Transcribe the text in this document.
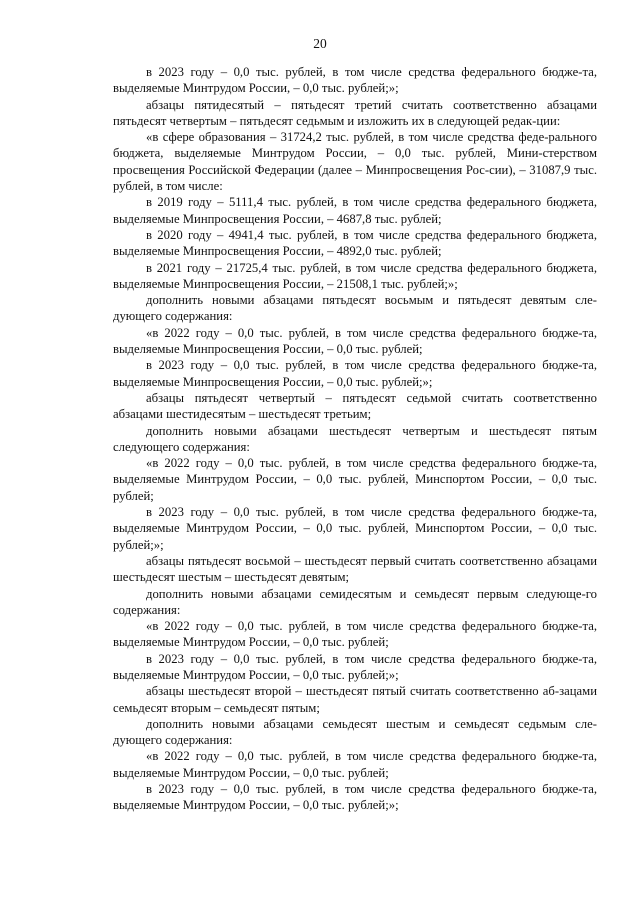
20

в 2023 году – 0,0 тыс. рублей, в том числе средства федерального бюдже-та, выделяемые Минтрудом России, – 0,0 тыс. рублей;»;

абзацы пятидесятый – пятьдесят третий считать соответственно абзацами пятьдесят четвертым – пятьдесят седьмым и изложить их в следующей редак-ции:

«в сфере образования – 31724,2 тыс. рублей, в том числе средства феде-рального бюджета, выделяемые Минтрудом России, – 0,0 тыс. рублей, Мини-стерством просвещения Российской Федерации (далее – Минпросвещения Рос-сии), – 31087,9 тыс. рублей, в том числе:

в 2019 году – 5111,4 тыс. рублей, в том числе средства федерального бюджета, выделяемые Минпросвещения России, – 4687,8 тыс. рублей;

в 2020 году – 4941,4 тыс. рублей, в том числе средства федерального бюджета, выделяемые Минпросвещения России, – 4892,0 тыс. рублей;

в 2021 году – 21725,4 тыс. рублей, в том числе средства федерального бюджета, выделяемые Минпросвещения России, – 21508,1 тыс. рублей;»;

дополнить новыми абзацами пятьдесят восьмым и пятьдесят девятым сле-дующего содержания:

«в 2022 году – 0,0 тыс. рублей, в том числе средства федерального бюдже-та, выделяемые Минпросвещения России, – 0,0 тыс. рублей;

в 2023 году – 0,0 тыс. рублей, в том числе средства федерального бюдже-та, выделяемые Минпросвещения России, – 0,0 тыс. рублей;»;

абзацы пятьдесят четвертый – пятьдесят седьмой считать соответственно абзацами шестидесятым – шестьдесят третьим;

дополнить новыми абзацами шестьдесят четвертым и шестьдесят пятым следующего содержания:

«в 2022 году – 0,0 тыс. рублей, в том числе средства федерального бюдже-та, выделяемые Минтрудом России, – 0,0 тыс. рублей, Минспортом России, – 0,0 тыс. рублей;

в 2023 году – 0,0 тыс. рублей, в том числе средства федерального бюдже-та, выделяемые Минтрудом России, – 0,0 тыс. рублей, Минспортом России, – 0,0 тыс. рублей;»;

абзацы пятьдесят восьмой – шестьдесят первый считать соответственно абзацами шестьдесят шестым – шестьдесят девятым;

дополнить новыми абзацами семидесятым и семьдесят первым следующе-го содержания:

«в 2022 году – 0,0 тыс. рублей, в том числе средства федерального бюдже-та, выделяемые Минтрудом России, – 0,0 тыс. рублей;

в 2023 году – 0,0 тыс. рублей, в том числе средства федерального бюдже-та, выделяемые Минтрудом России, – 0,0 тыс. рублей;»;

абзацы шестьдесят второй – шестьдесят пятый считать соответственно аб-зацами семьдесят вторым – семьдесят пятым;

дополнить новыми абзацами семьдесят шестым и семьдесят седьмым сле-дующего содержания:

«в 2022 году – 0,0 тыс. рублей, в том числе средства федерального бюдже-та, выделяемые Минтрудом России, – 0,0 тыс. рублей;

в 2023 году – 0,0 тыс. рублей, в том числе средства федерального бюдже-та, выделяемые Минтрудом России, – 0,0 тыс. рублей;»;
